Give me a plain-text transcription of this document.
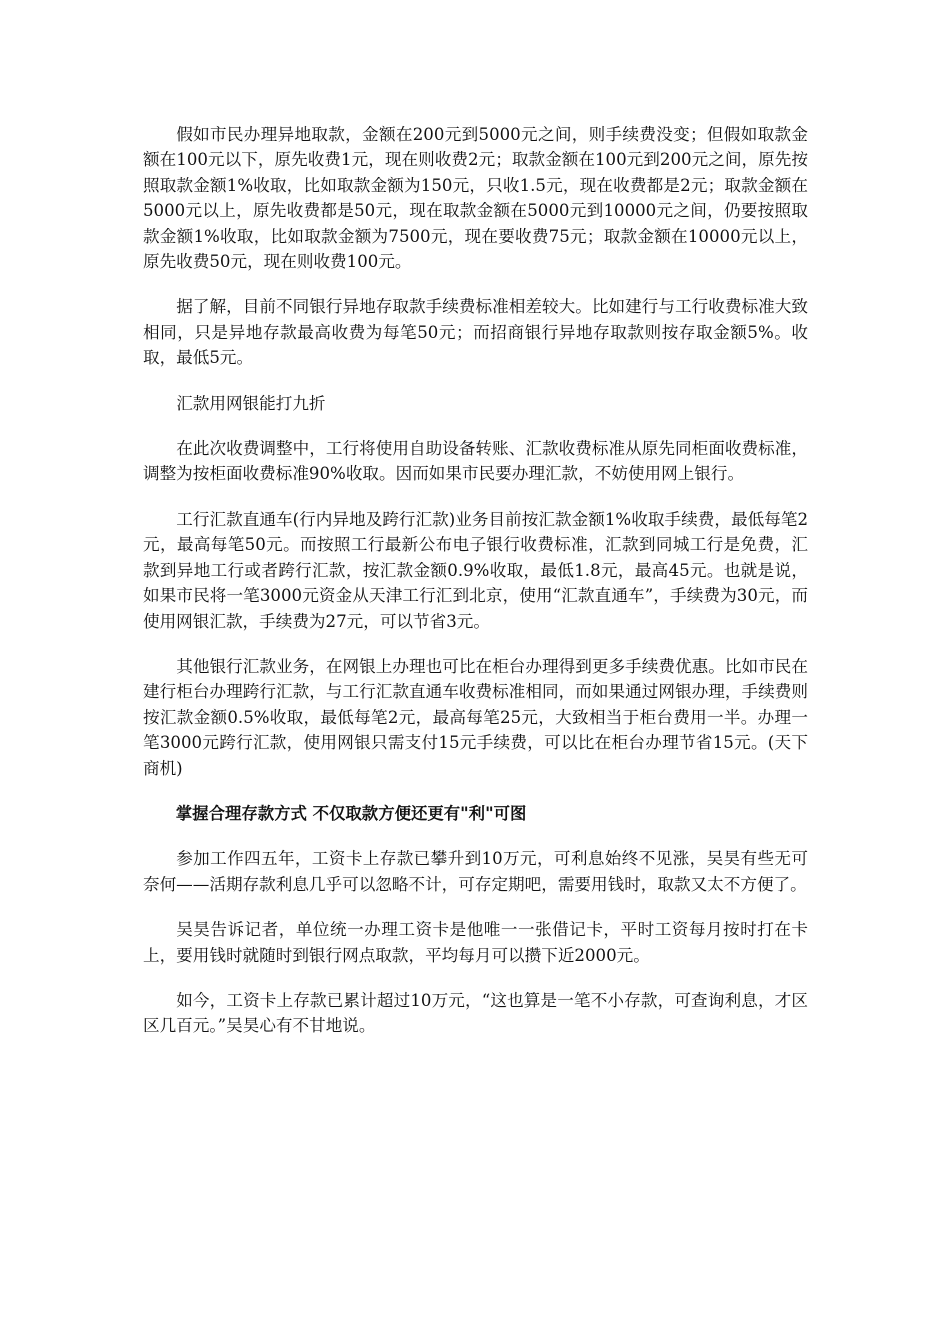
假如市民办理异地取款，金额在200元到5000元之间，则手续费没变；但假如取款金额在100元以下，原先收费1元，现在则收费2元；取款金额在100元到200元之间，原先按照取款金额1%收取，比如取款金额为150元，只收1.5元，现在收费都是2元；取款金额在5000元以上，原先收费都是50元，现在取款金额在5000元到10000元之间，仍要按照取款金额1%收取，比如取款金额为7500元，现在要收费75元；取款金额在10000元以上，原先收费50元，现在则收费100元。

据了解，目前不同银行异地存取款手续费标准相差较大。比如建行与工行收费标准大致相同，只是异地存款最高收费为每笔50元；而招商银行异地存取款则按存取金额5%。收取，最低5元。

汇款用网银能打九折

在此次收费调整中，工行将使用自助设备转账、汇款收费标准从原先同柜面收费标准，调整为按柜面收费标准90%收取。因而如果市民要办理汇款，不妨使用网上银行。

工行汇款直通车(行内异地及跨行汇款)业务目前按汇款金额1%收取手续费，最低每笔2元，最高每笔50元。而按照工行最新公布电子银行收费标准，汇款到同城工行是免费，汇款到异地工行或者跨行汇款，按汇款金额0.9%收取，最低1.8元，最高45元。也就是说，如果市民将一笔3000元资金从天津工行汇到北京，使用“汇款直通车”，手续费为30元，而使用网银汇款，手续费为27元，可以节省3元。

其他银行汇款业务，在网银上办理也可比在柜台办理得到更多手续费优惠。比如市民在建行柜台办理跨行汇款，与工行汇款直通车收费标准相同，而如果通过网银办理，手续费则按汇款金额0.5%收取，最低每笔2元，最高每笔25元，大致相当于柜台费用一半。办理一笔3000元跨行汇款，使用网银只需支付15元手续费，可以比在柜台办理节省15元。(天下商机)

掌握合理存款方式 不仅取款方便还更有"利"可图

参加工作四五年，工资卡上存款已攀升到10万元，可利息始终不见涨，吴昊有些无可奈何——活期存款利息几乎可以忽略不计，可存定期吧，需要用钱时，取款又太不方便了。

吴昊告诉记者，单位统一办理工资卡是他唯一一张借记卡，平时工资每月按时打在卡上，要用钱时就随时到银行网点取款，平均每月可以攒下近2000元。

如今，工资卡上存款已累计超过10万元，“这也算是一笔不小存款，可查询利息，才区区几百元。”吴昊心有不甘地说。
